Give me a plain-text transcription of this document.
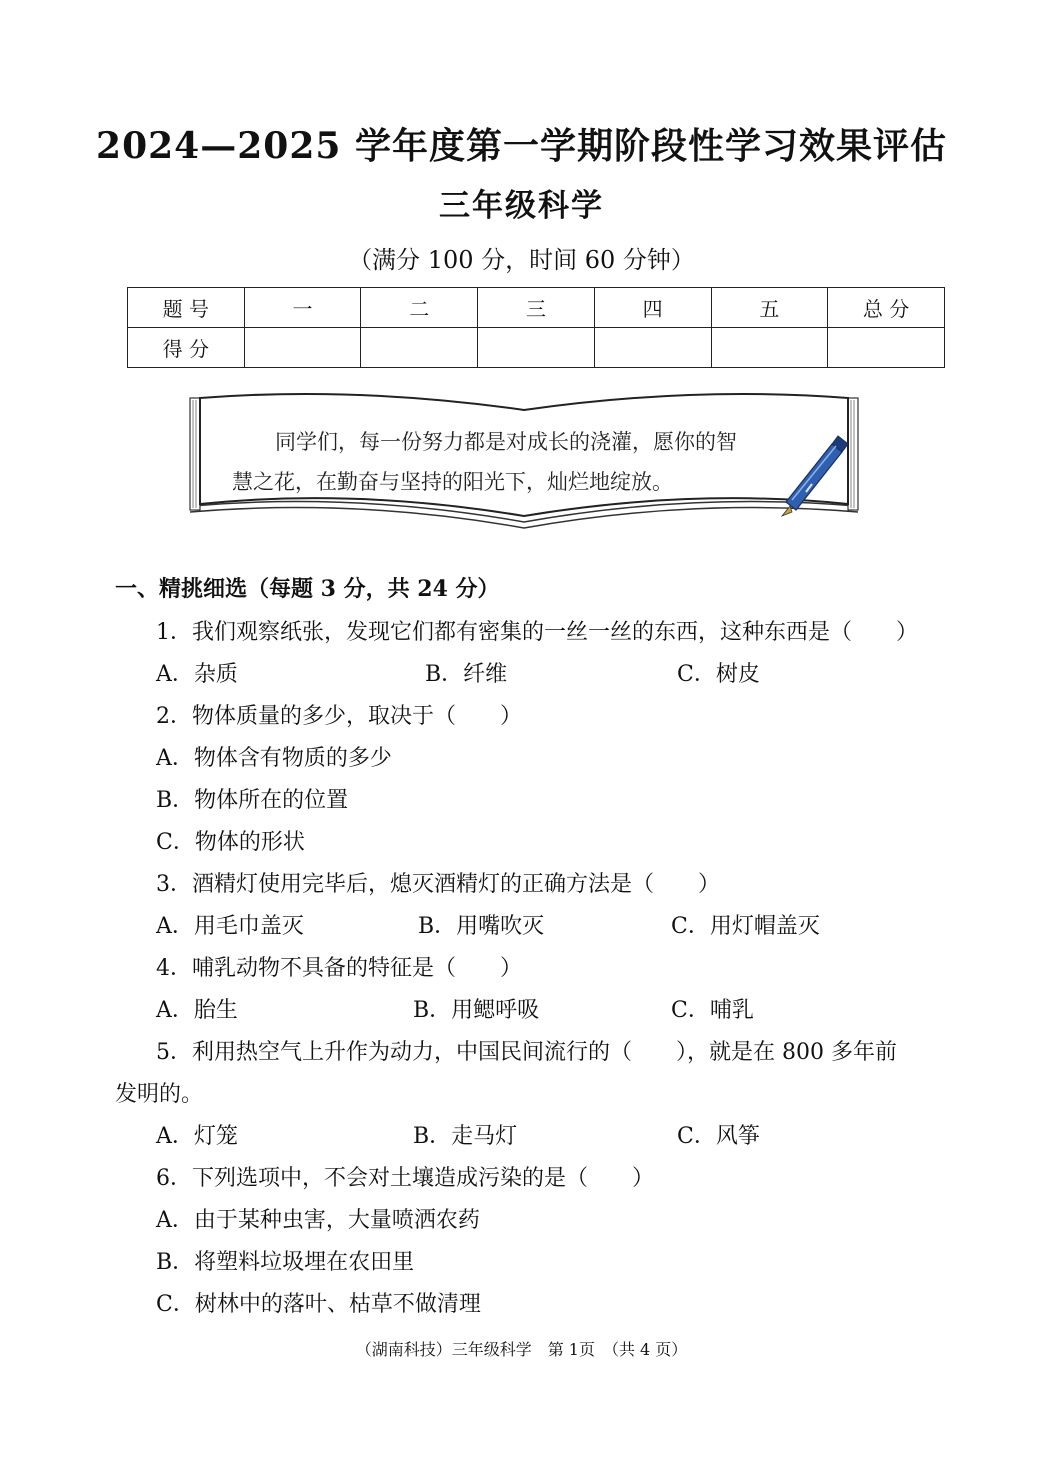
2024—2025 学年度第一学期阶段性学习效果评估
三年级科学
（满分 100 分，时间 60 分钟）
题 号	一	二	三	四	五	总 分
得 分						
同学们，每一份努力都是对成长的浇灌，愿你的智
慧之花，在勤奋与坚持的阳光下，灿烂地绽放。
一、精挑细选（每题 3 分，共 24 分）
1．我们观察纸张，发现它们都有密集的一丝一丝的东西，这种东西是（　　）
A．杂质	B．纤维	C．树皮
2．物体质量的多少，取决于（　　）
A．物体含有物质的多少
B．物体所在的位置
C．物体的形状
3．酒精灯使用完毕后，熄灭酒精灯的正确方法是（　　）
A．用毛巾盖灭	B．用嘴吹灭	C．用灯帽盖灭
4．哺乳动物不具备的特征是（　　）
A．胎生	B．用鳃呼吸	C．哺乳
5．利用热空气上升作为动力，中国民间流行的（　　），就是在 800 多年前
发明的。
A．灯笼	B．走马灯	C．风筝
6．下列选项中，不会对土壤造成污染的是（　　）
A．由于某种虫害，大量喷洒农药
B．将塑料垃圾埋在农田里
C．树林中的落叶、枯草不做清理
（湖南科技）三年级科学　第 1页　（共 4 页）
